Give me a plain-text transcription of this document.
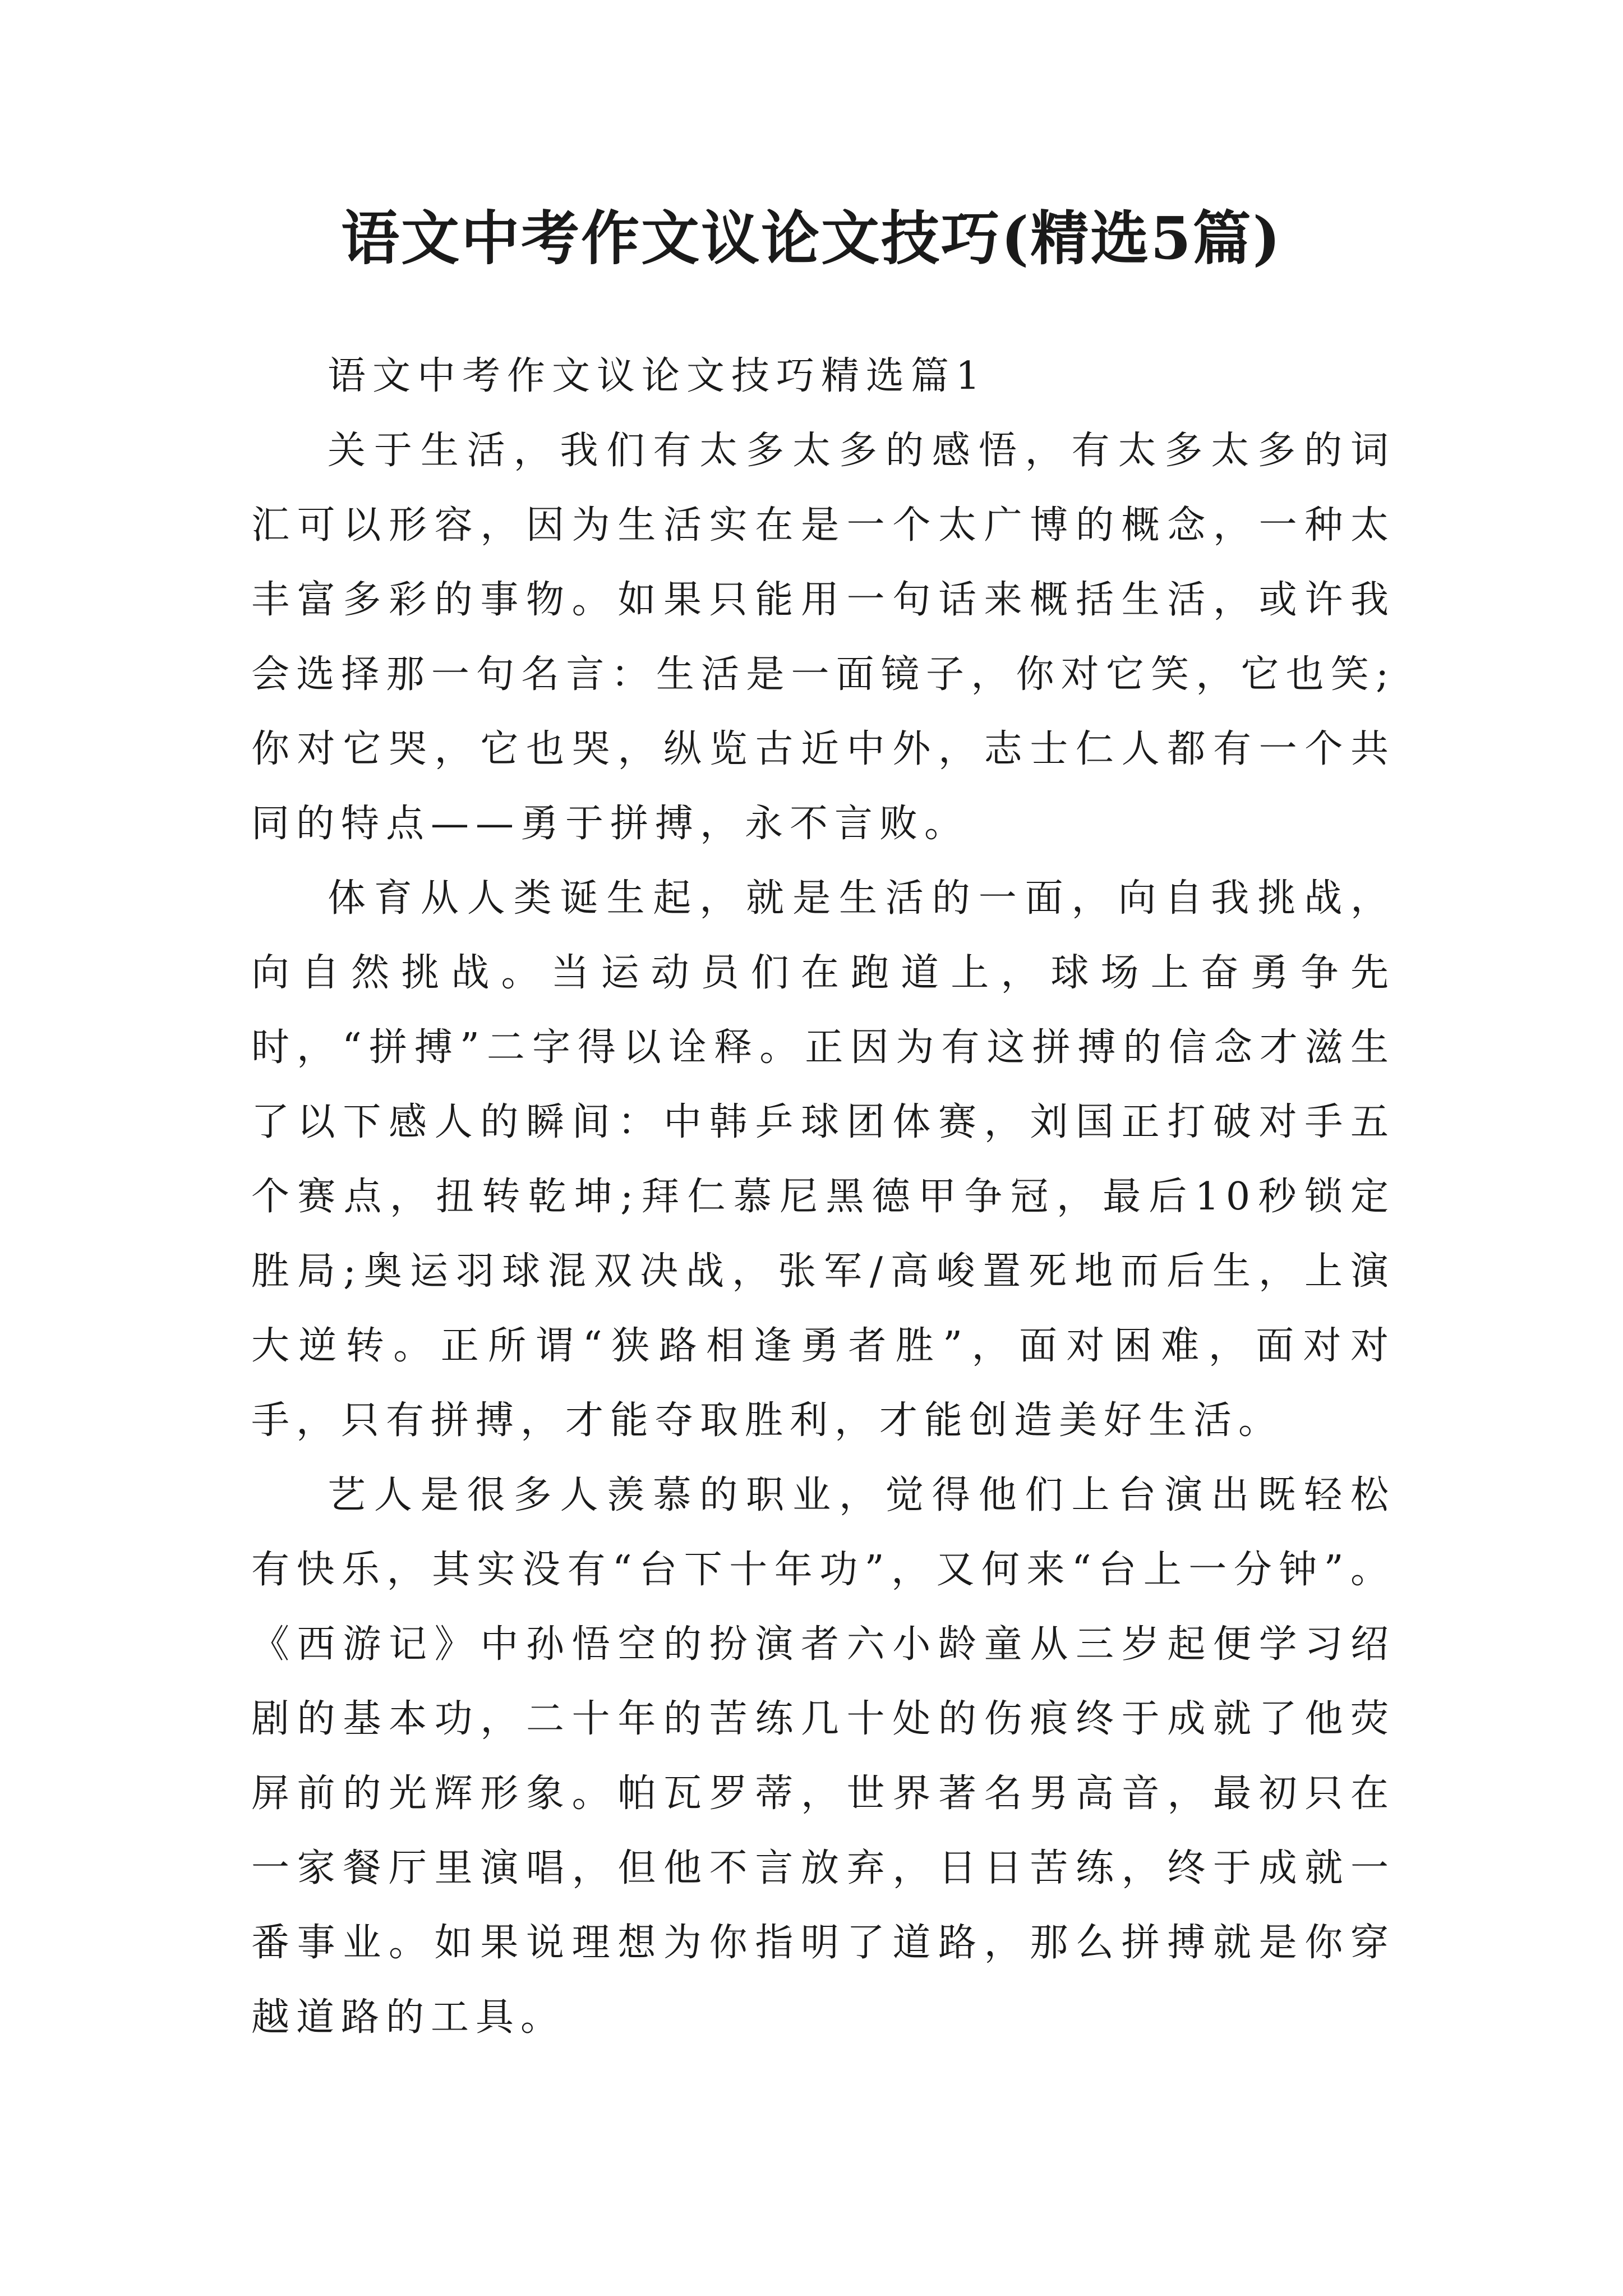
语文中考作文议论文技巧(精选5篇)

语文中考作文议论文技巧精选篇1

关于生活，我们有太多太多的感悟，有太多太多的词汇可以形容，因为生活实在是一个太广博的概念，一种太丰富多彩的事物。如果只能用一句话来概括生活，或许我会选择那一句名言：生活是一面镜子，你对它笑，它也笑;你对它哭，它也哭，纵览古近中外，志士仁人都有一个共同的特点——勇于拼搏，永不言败。

体育从人类诞生起，就是生活的一面，向自我挑战，向自然挑战。当运动员们在跑道上，球场上奋勇争先时，“拼搏”二字得以诠释。正因为有这拼搏的信念才滋生了以下感人的瞬间：中韩乒球团体赛，刘国正打破对手五个赛点，扭转乾坤;拜仁慕尼黑德甲争冠，最后10秒锁定胜局;奥运羽球混双决战，张军/高峻置死地而后生，上演大逆转。正所谓“狭路相逢勇者胜”，面对困难，面对对手，只有拼搏，才能夺取胜利，才能创造美好生活。

艺人是很多人羡慕的职业，觉得他们上台演出既轻松有快乐，其实没有“台下十年功”，又何来“台上一分钟”。《西游记》中孙悟空的扮演者六小龄童从三岁起便学习绍剧的基本功，二十年的苦练几十处的伤痕终于成就了他荧屏前的光辉形象。帕瓦罗蒂，世界著名男高音，最初只在一家餐厅里演唱，但他不言放弃，日日苦练，终于成就一番事业。如果说理想为你指明了道路，那么拼搏就是你穿越道路的工具。
